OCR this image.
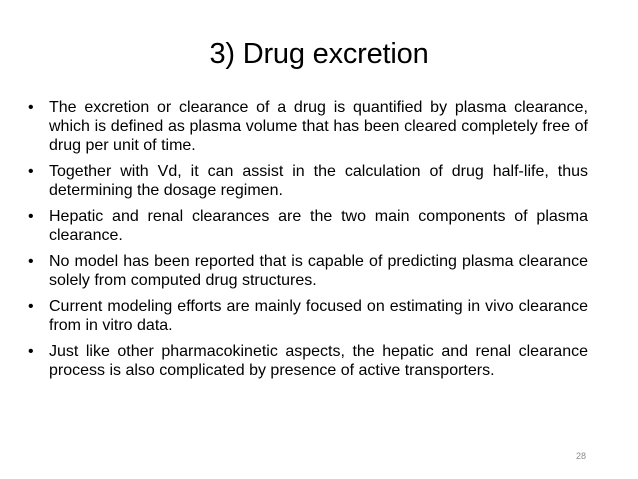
3) Drug excretion
• The excretion or clearance of a drug is quantified by plasma clearance, which is defined as plasma volume that has been cleared completely free of drug per unit of time.
• Together with Vd, it can assist in the calculation of drug half-life, thus determining the dosage regimen.
• Hepatic and renal clearances are the two main components of plasma clearance.
• No model has been reported that is capable of predicting plasma clearance solely from computed drug structures.
• Current modeling efforts are mainly focused on estimating in vivo clearance from in vitro data.
• Just like other pharmacokinetic aspects, the hepatic and renal clearance process is also complicated by presence of active transporters.
28
